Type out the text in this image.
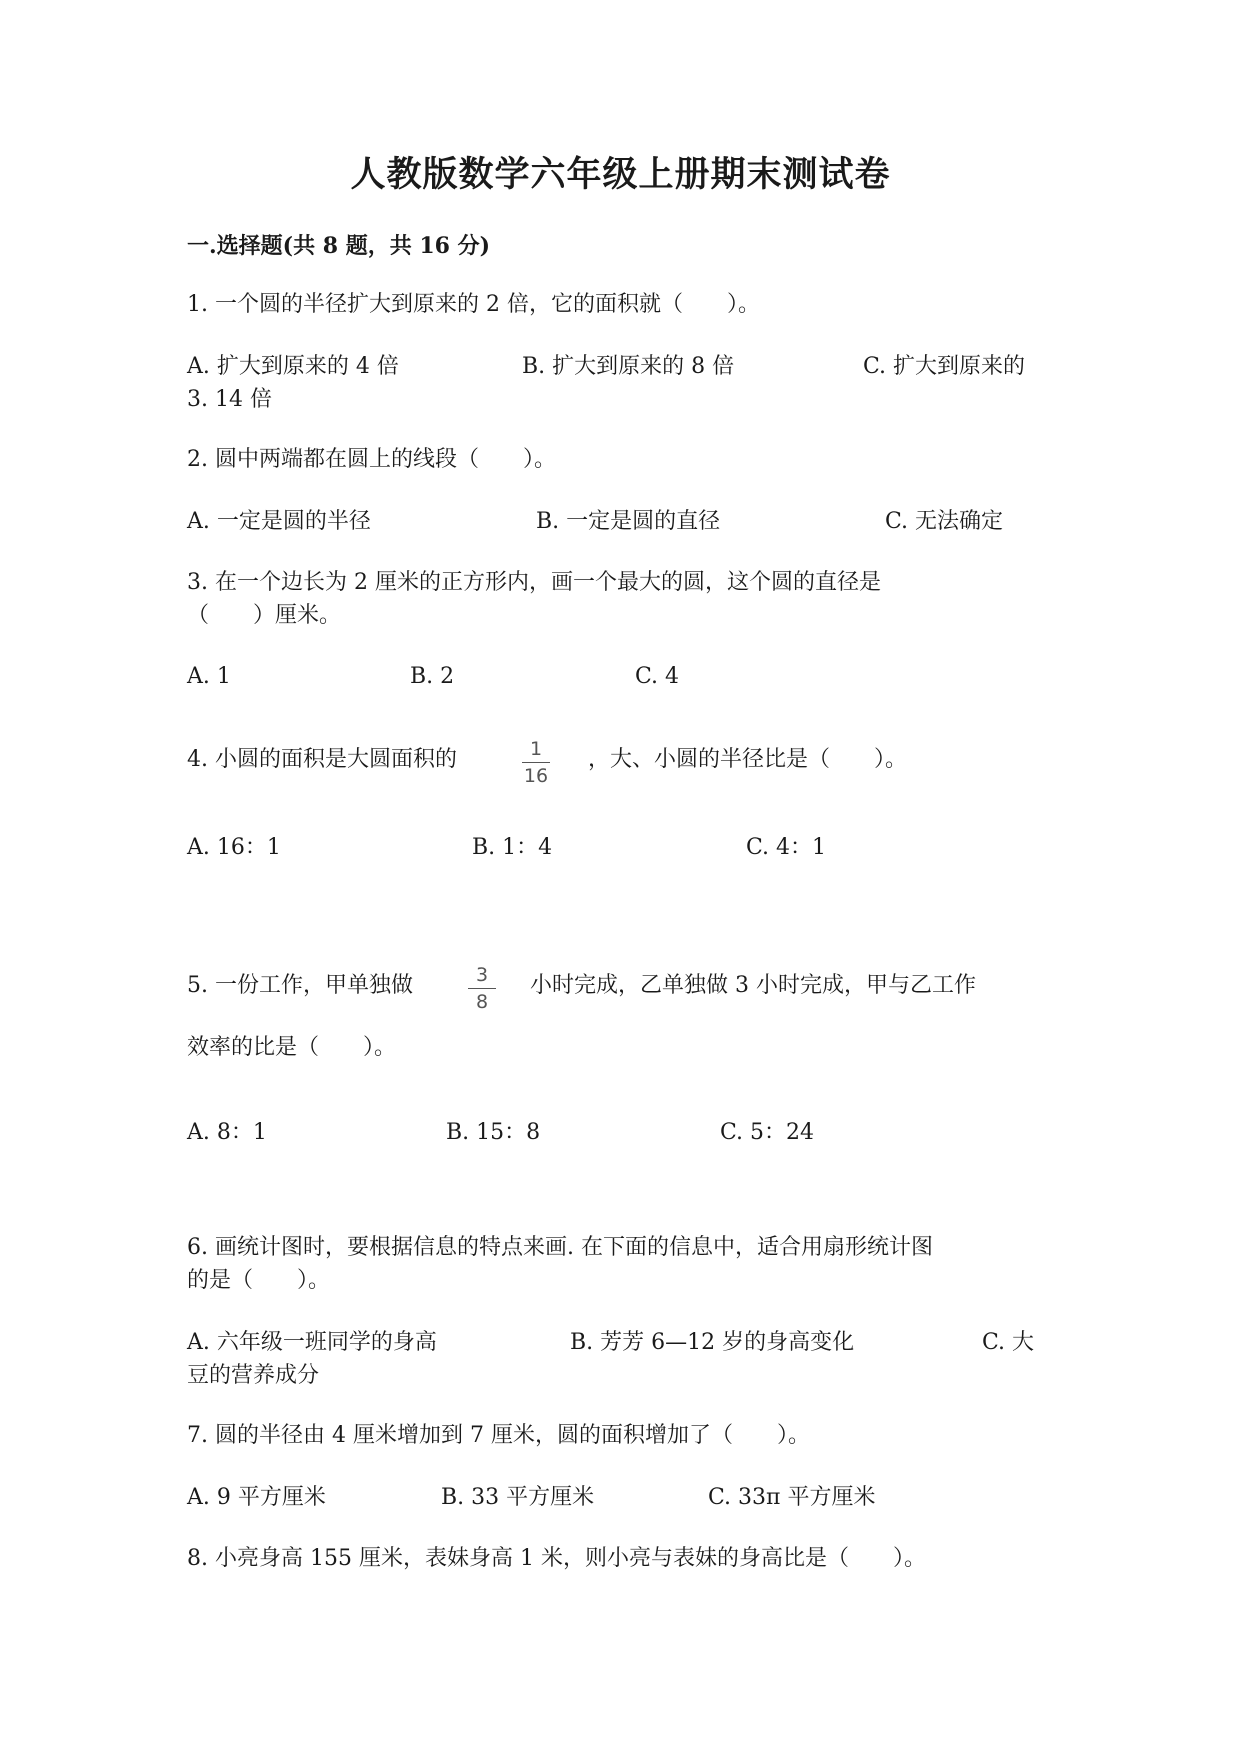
人教版数学六年级上册期末测试卷
一.选择题(共 8 题，共 16 分)
1. 一个圆的半径扩大到原来的 2 倍，它的面积就（　　）。
A. 扩大到原来的 4 倍	B. 扩大到原来的 8 倍	C. 扩大到原来的
3. 14 倍
2. 圆中两端都在圆上的线段（　　）。
A. 一定是圆的半径	B. 一定是圆的直径	C. 无法确定
3. 在一个边长为 2 厘米的正方形内，画一个最大的圆，这个圆的直径是
（　　）厘米。
A. 1	B. 2	C. 4
4. 小圆的面积是大圆面积的	1
16
，大、小圆的半径比是（　　）。
A. 16：1	B. 1：4	C. 4：1
5. 一份工作，甲单独做	3
8
小时完成，乙单独做 3 小时完成，甲与乙工作
效率的比是（　　）。
A. 8：1	B. 15：8	C. 5：24
6. 画统计图时，要根据信息的特点来画. 在下面的信息中，适合用扇形统计图
的是（　　）。
A. 六年级一班同学的身高	B. 芳芳 6—12 岁的身高变化	C. 大
豆的营养成分
7. 圆的半径由 4 厘米增加到 7 厘米，圆的面积增加了（　　）。
A. 9 平方厘米	B. 33 平方厘米	C. 33π 平方厘米
8. 小亮身高 155 厘米，表妹身高 1 米，则小亮与表妹的身高比是（　　）。
